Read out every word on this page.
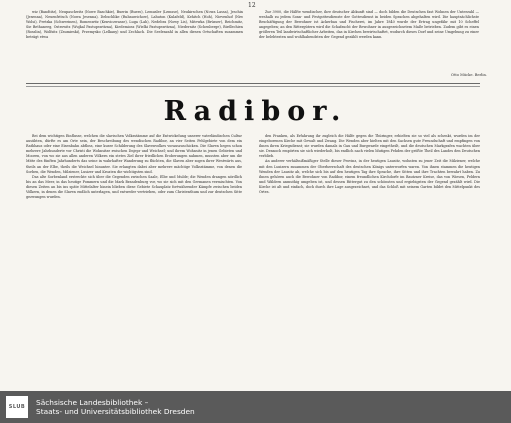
12

wiz (Bandtitz), Neupaschwitz (Nowe Baschkie), Buerin (Buero), Lemusler (Lemsse), Neukirschen (Nowa Lassa), Jeschin (Jesenna), Neuenfritsch (Nowa Jesenna), Debschlike (Rubauwichow), Lahuton (Kulafeld), Kehitch (Hoh), Nievenhof (Niw Wolsi), Pretzka (Schwerinen), Romenwitz (Kenviczwasse), Luga (Lah), Nedebra (Nowy Lis), Mitewka (Brüsser), Reichmitz, Sie Bethaneeg, Ostrowitz (Wujkal Pastupswitzna), Kiedemiosz (Wielki Pastupswitzna), Niedernitz (Schenberge), Birdlechien (Rosslin), Wolfsitz (Zsumieski), Przemysko (Lelkany) und Zechlach. Die Seelenzahl in allen diesen Ortschaften zusammen beträgt etwa

Zur 3900, die Hälfte wendischer, ihre deutscher Abkunft sind — doch bilden die Deutschen fast Wohnen der Unterzahl — weshalb zu jedem Sonn- und Festgottesdienste der Gottesdienst in beiden Sprachen abgehalten wird. Die hauptsächlichste Beschäftigung der Bewohner ist Ackerbau und Fischerei, im Jahre 1840 wurde der Ertrag ungefähr mit 10 Scheffel angegeben; an den Rittergütern wird die Schafzucht der Bewohner in ausgezeichnetem Maße betrieben. Zudem gibt es einen größeren Teil landwirtschaftlicher Arbeiten, das in Kirchen bewirtschaftet, wodurch dieses Dorf und seine Umgebung zu einer der belebtesten und wohlhabendsten der Gegend gezählt werden kann.

Otto Mücke. Berlin.
Radibor.

Bei dem wichtigen Einflusse, welchen die slavischen Volksstämme auf die Entwickelung unserer vaterländischen Cultur ausübten, dürfte es am Orte sein, der Beschreibung des wendischen Radibor, an vier Seiten Fehlgebiete von dem ein Rathhaus oder eine Eisenbahn abfloss, eine kurze Schilderung des Slavenvolkes vorauszuschicken. Die Slaven hegen schon mehrere Jahrhunderte vor Christi die Wohnsitze zwischen Dnjepr und Weichsel; und ihrem Wohnsitz in jenen Gebieten und Mooren, von wo sie aus allen anderen Völkern ein stetes Ziel ihrer friedlichen Eroberungen nahmen, mussten aber um die Mitte des fünften Jahrhunderts das seine in wahrhafter Wanderung zu flüchten, die Slaven aber zogen ihrer Westwärts aus, theils an der Elbe, theils die Weichsel hinunter. Sie erlangten dabei aber mehrere mächtige Volksstämme, von denen die Sorben, die Wenden, Milziener, Lusizer und Kroaten die wichtigsten sind.

Das alte Sorbenland erstreckte sich über die Gegenden zwischen Saale, Elbe und Mulde; die Wenden drangen nördlich bis an das Meer, in das heutige Pommern und die Mark Brandenburg vor, wo sie sich mit den Germanen vermischten. Von diesen Zeiten an bis ins späte Mittelalter hinein blieben diese Gebiete Schauplatz fortwährender Kämpfe zwischen beiden Völkern, in denen die Slaven endlich unterlagen, und entweder vertrieben, oder zum Christenthum und zur deutschen Sitte gezwungen wurden.

den Franken, als Erfahrung ihr zugleich die Hälfe gegen die Thüringer, erhielten sie so viel als schenkt, wurden im der eingeborenen Kirche mit Gewalt und Zwang. Die Wenden aber hielten mit den Sachsen gute Freundschaft und empfingen von ihnen ihren Kriegsdienst; sie wurden damals in Gau und Burgwarde eingetheilt, und die deutschen Markgrafen wachten über sie. Dennoch empörten sie sich wiederholt, bis endlich nach vielen blutigen Fehden der größte Theil des Landes den Deutschen verblieb.

An anderer verhältnißmäßiger Stelle dieser Provinz, in der heutigen Lausitz, wohnten zu jener Zeit die Milziener, welche mit den Lusizern zusammen der Oberherrschaft des deutschen Königs unterworfen waren. Von ihnen stammen die heutigen Wenden der Lausitz ab, welche sich bis auf den heutigen Tag ihre Sprache, ihre Sitten und ihre Trachten bewahrt haben. Zu ihnen gehören auch die Bewohner von Radibor, einem freundlichen Kirchdorfe im Bautzner Kreise, das von Wiesen, Feldern und Wäldern anmuthig umgeben ist, und dessen Rittergut zu den schönsten und ergiebigsten der Gegend gezählt wird. Die Kirche ist alt und einfach, doch durch ihre Lage ausgezeichnet, und das Schloß mit seinem Garten bildet den Mittelpunkt des Ortes.

SLUB Sächsische Landesbibliothek –
Staats- und Universitätsbibliothek Dresden
